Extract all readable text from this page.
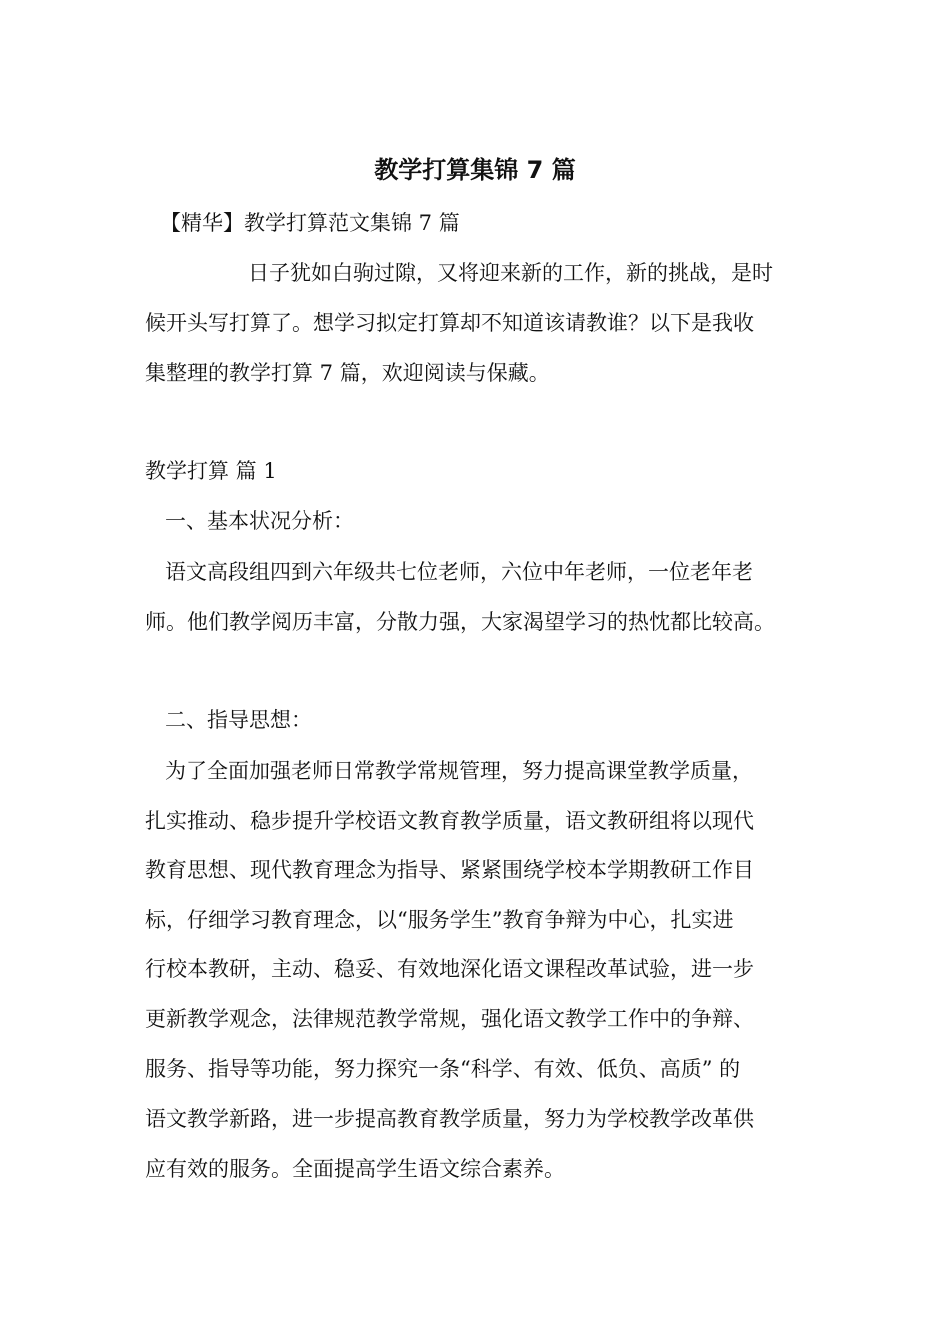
教学打算集锦 7 篇
【精华】教学打算范文集锦 7 篇
日子犹如白驹过隙，又将迎来新的工作，新的挑战，是时
候开头写打算了。想学习拟定打算却不知道该请教谁？以下是我收
集整理的教学打算 7 篇，欢迎阅读与保藏。
教学打算 篇 1
一、基本状况分析：
语文高段组四到六年级共七位老师，六位中年老师，一位老年老
师。他们教学阅历丰富，分散力强，大家渴望学习的热忱都比较高。
二、指导思想：
为了全面加强老师日常教学常规管理，努力提高课堂教学质量，
扎实推动、稳步提升学校语文教育教学质量，语文教研组将以现代
教育思想、现代教育理念为指导、紧紧围绕学校本学期教研工作目
标，仔细学习教育理念，以“服务学生”教育争辩为中心，扎实进
行校本教研，主动、稳妥、有效地深化语文课程改革试验，进一步
更新教学观念，法律规范教学常规，强化语文教学工作中的争辩、
服务、指导等功能，努力探究一条“科学、有效、低负、高质” 的
语文教学新路，进一步提高教育教学质量，努力为学校教学改革供
应有效的服务。全面提高学生语文综合素养。
